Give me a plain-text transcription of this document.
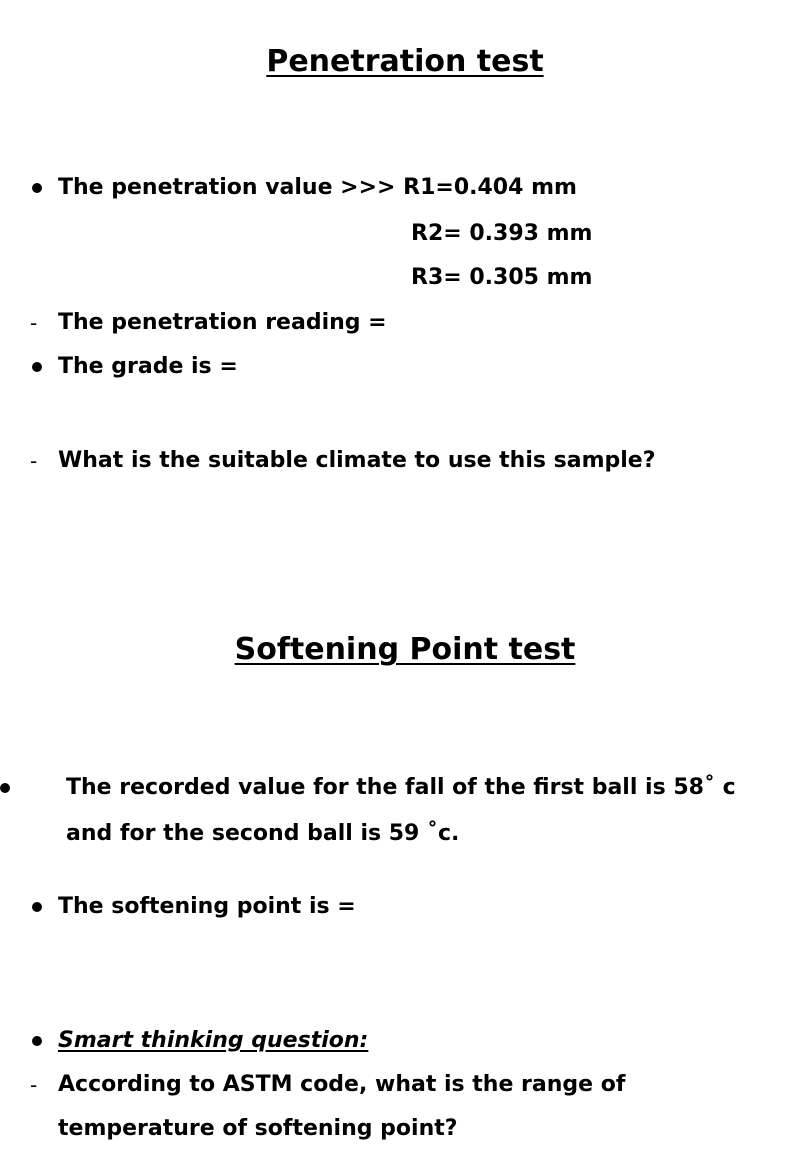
Penetration test
The penetration value >>> R1=0.404 mm
R2= 0.393 mm
R3= 0.305 mm
- The penetration reading =
The grade is =
- What is the suitable climate to use this sample?
Softening Point test
The recorded value for the fall of the first ball is 58˚ c
and for the second ball is 59 ˚c.
The softening point is =
Smart thinking question:
- According to ASTM code, what is the range of
temperature of softening point?
